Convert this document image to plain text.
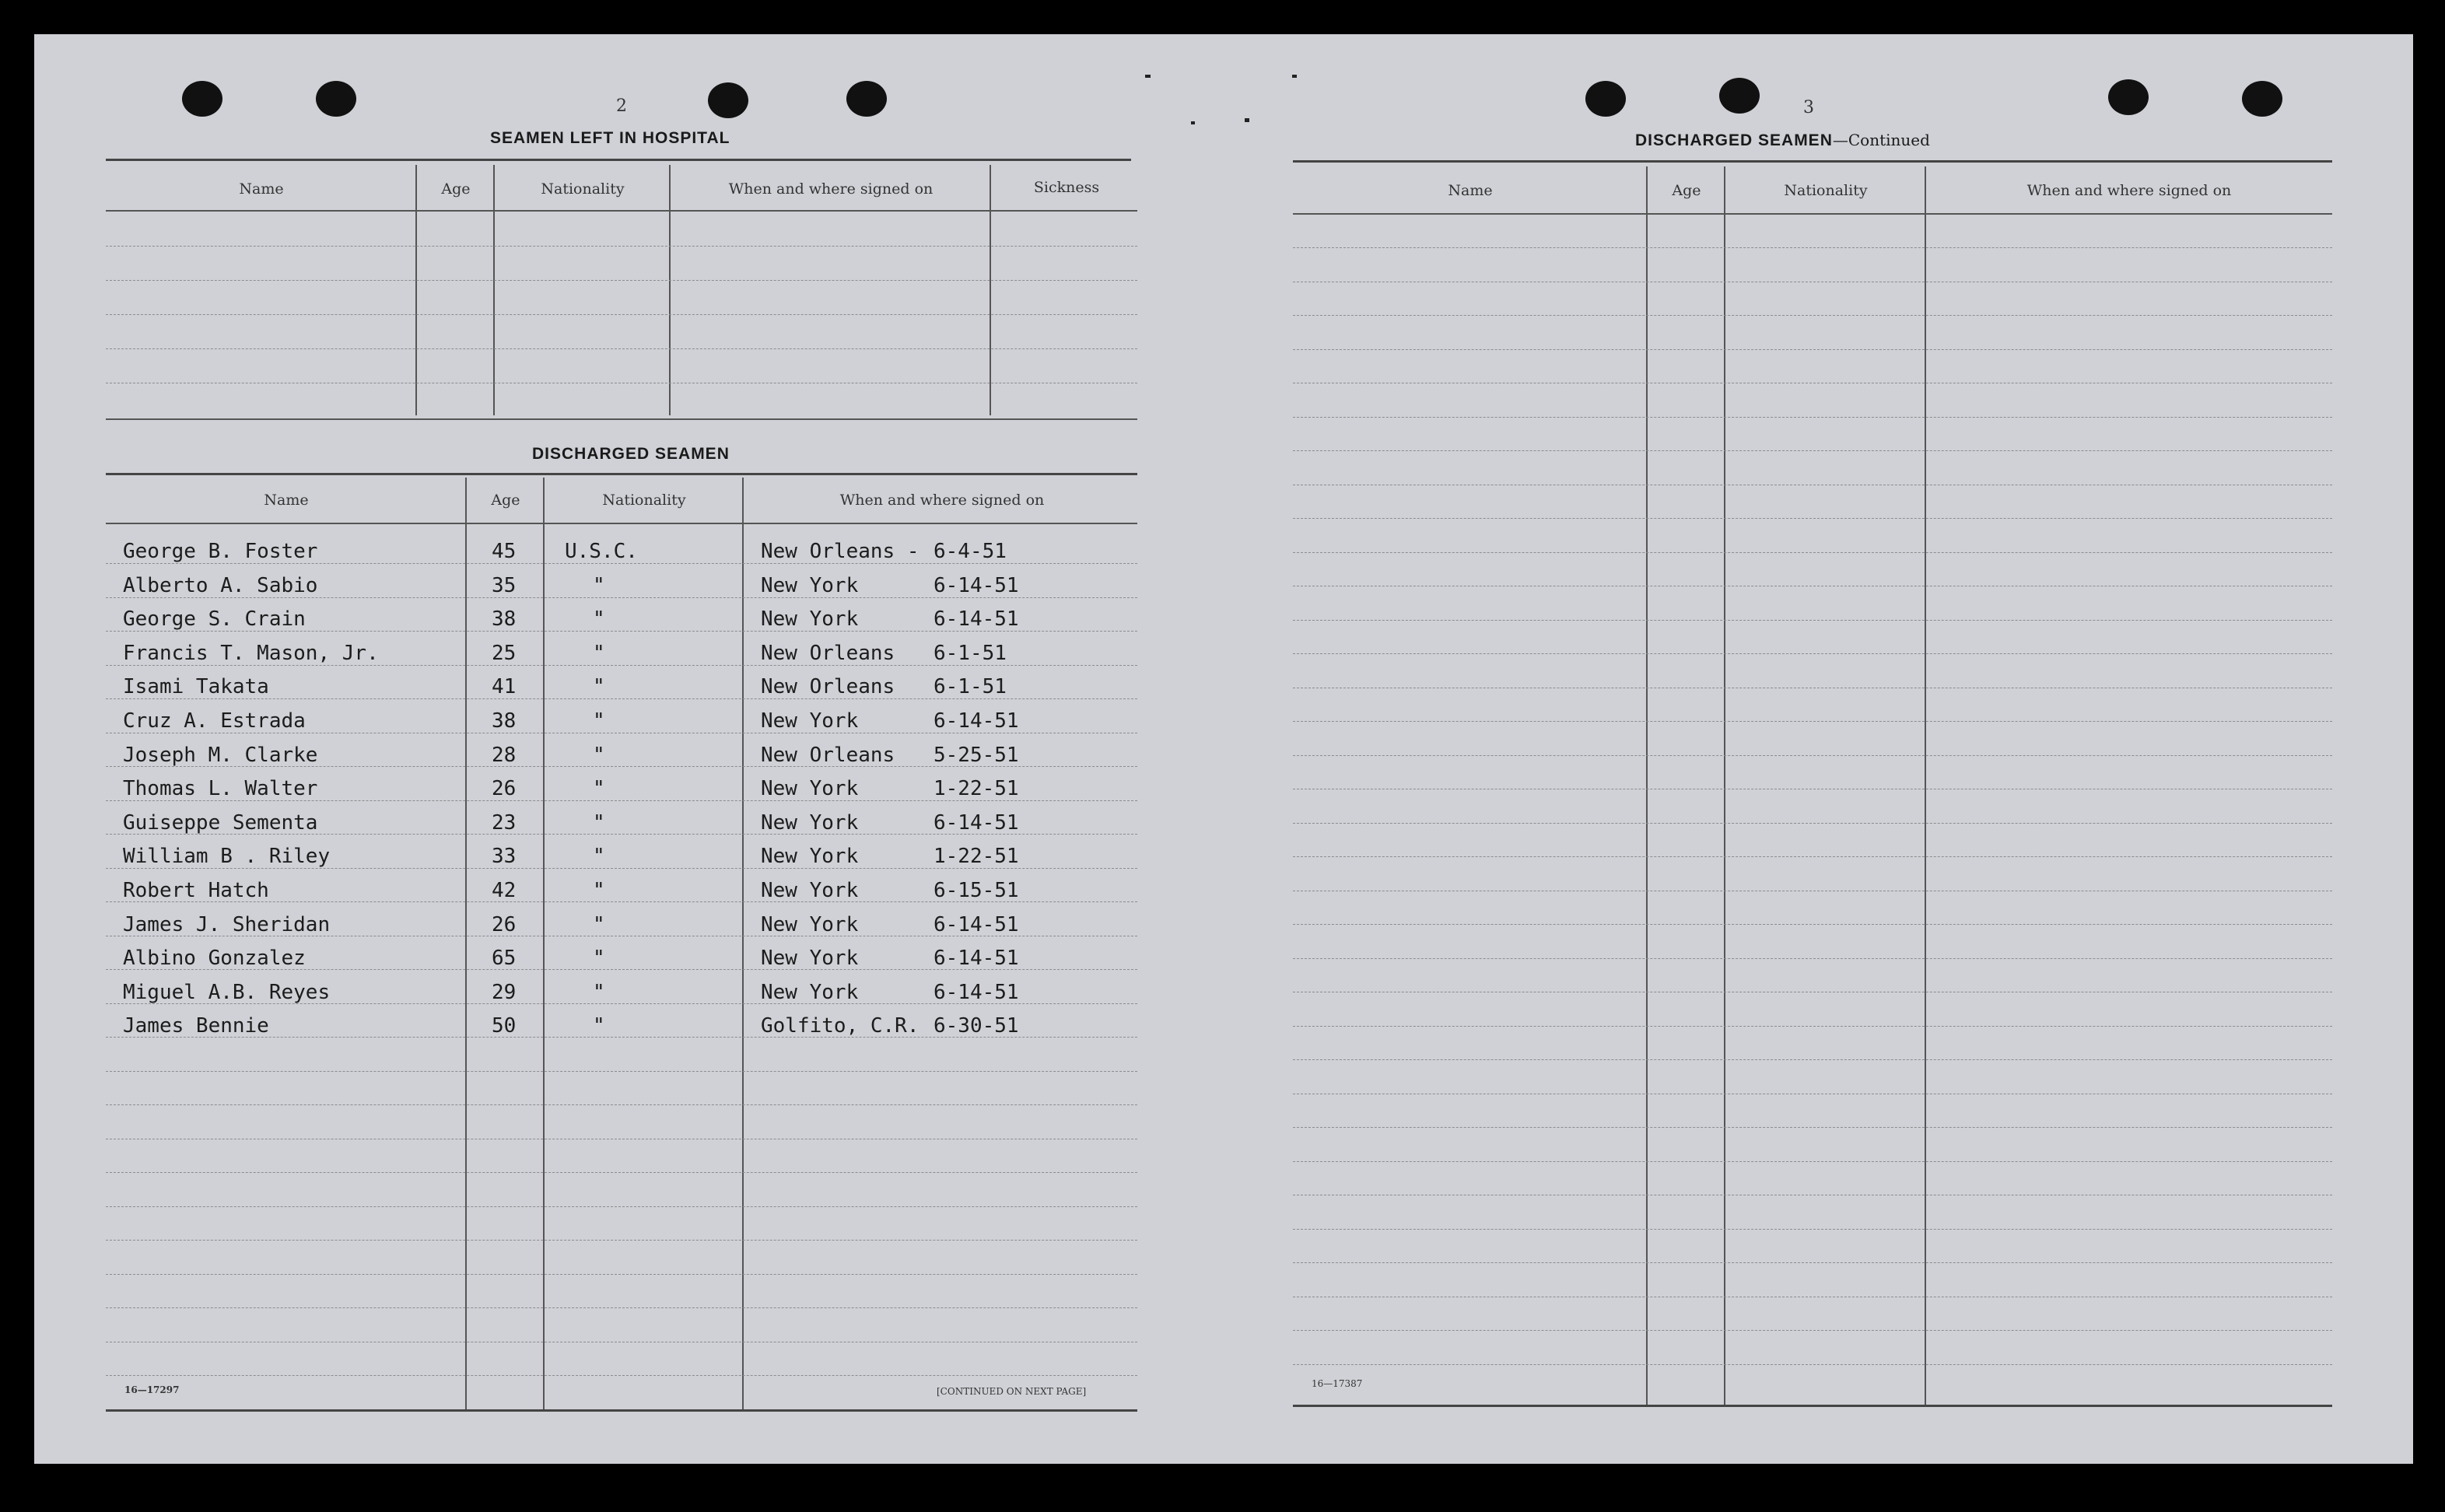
2
SEAMEN LEFT IN HOSPITAL
Name	Age	Nationality	When and where signed on	Sickness
DISCHARGED SEAMEN
Name	Age	Nationality	When and where signed on
George B. Foster	45 U.S.C.	New Orleans - 6-4-51
Alberto A. Sabio	35	"	New York	6-14-51
George S. Crain	38	"	New York	6-14-51
Francis T. Mason, Jr.	25	"	New Orleans 6-1-51
Isami Takata	41	"	New Orleans 6-1-51
Cruz A. Estrada	38	"	New York	6-14-51
Joseph M. Clarke	28	"	New Orleans 5-25-51
Thomas L. Walter	26	"	New York	1-22-51
Guiseppe Sementa	23	"	New York	6-14-51
William B . Riley	33	"	New York	1-22-51
Robert Hatch	42	"	New York	6-15-51
James J. Sheridan	26	"	New York	6-14-51
Albino Gonzalez	65	"	New York	6-14-51
Miguel A.B. Reyes	29	"	New York	6-14-51
James Bennie	50	"	Golfito, C.R. 6-30-51
16—17297	[CONTINUED ON NEXT PAGE]
3
DISCHARGED SEAMEN—Continued
Name	Age	Nationality	When and where signed on
16—17387
